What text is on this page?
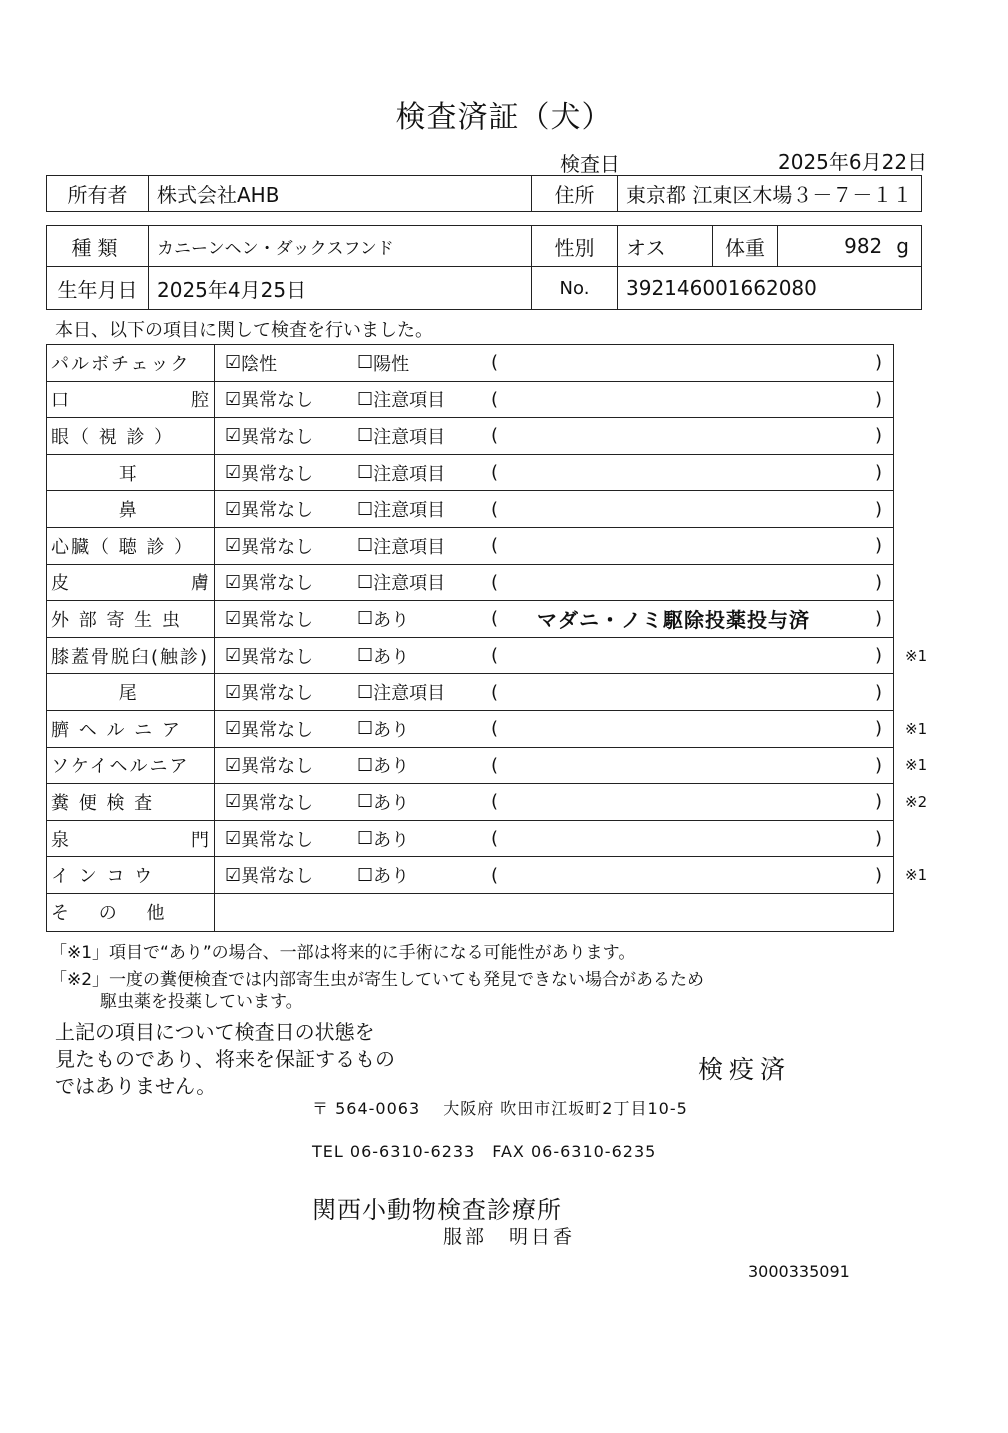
検査済証（犬）
検査日	2025年6月22日
所有者	株式会社AHB	住所	東京都 江東区木場３－７－１１
種類	カニーンヘン・ダックスフンド	性別	オス	体重	982 g
生年月日 2025年4月25日	No.	392146001662080
本日、以下の項目に関して検査を行いました。
パルボチェック	☑ 陰性	☐ 陽性	(	)
口　　　　　　腔 ☑ 異常なし ☐ 注意項目	(	)
眼（ 視 診 ）	☑ 異常なし ☐ 注意項目	(	)
　　　 耳	☑ 異常なし ☐ 注意項目	(	)
　　　 鼻	☑ 異常なし ☐ 注意項目	(	)
心臓（ 聴 診 ）	☑ 異常なし ☐ 注意項目	(	)
皮　　　　　　膚 ☑ 異常なし ☐ 注意項目	(	)
外 部 寄 生 虫	☑ 異常なし ☐ あり	( マダニ・ノミ駆除投薬投与済	)
膝蓋骨脱臼(触診) ☑ 異常なし ☐ あり	(	) ※1
　　　 尾	☑ 異常なし ☐ 注意項目	(	)
臍 ヘ ル ニ ア	☑ 異常なし ☐ あり	(	) ※1
ソケイヘルニア	☑ 異常なし ☐ あり	(	) ※1
糞 便 検 査	☑ 異常なし ☐ あり	(	) ※2
泉　　　　　　門 ☑ 異常なし ☐ あり	(	)
イ ン コ ウ	☑ 異常なし ☐ あり	(	) ※1
そ　 の　 他
「※1」項目で“あり”の場合、一部は将来的に手術になる可能性があります。
「※2」一度の糞便検査では内部寄生虫が寄生していても発見できない場合があるため
駆虫薬を投薬しています。
上記の項目について検査日の状態を
見たものであり、将来を保証するもの
ではありません。
検疫済
〒 564-0063　 大阪府 吹田市江坂町2丁目10-5
TEL 06-6310-6233　FAX 06-6310-6235
関西小動物検査診療所
服部　明日香
3000335091
